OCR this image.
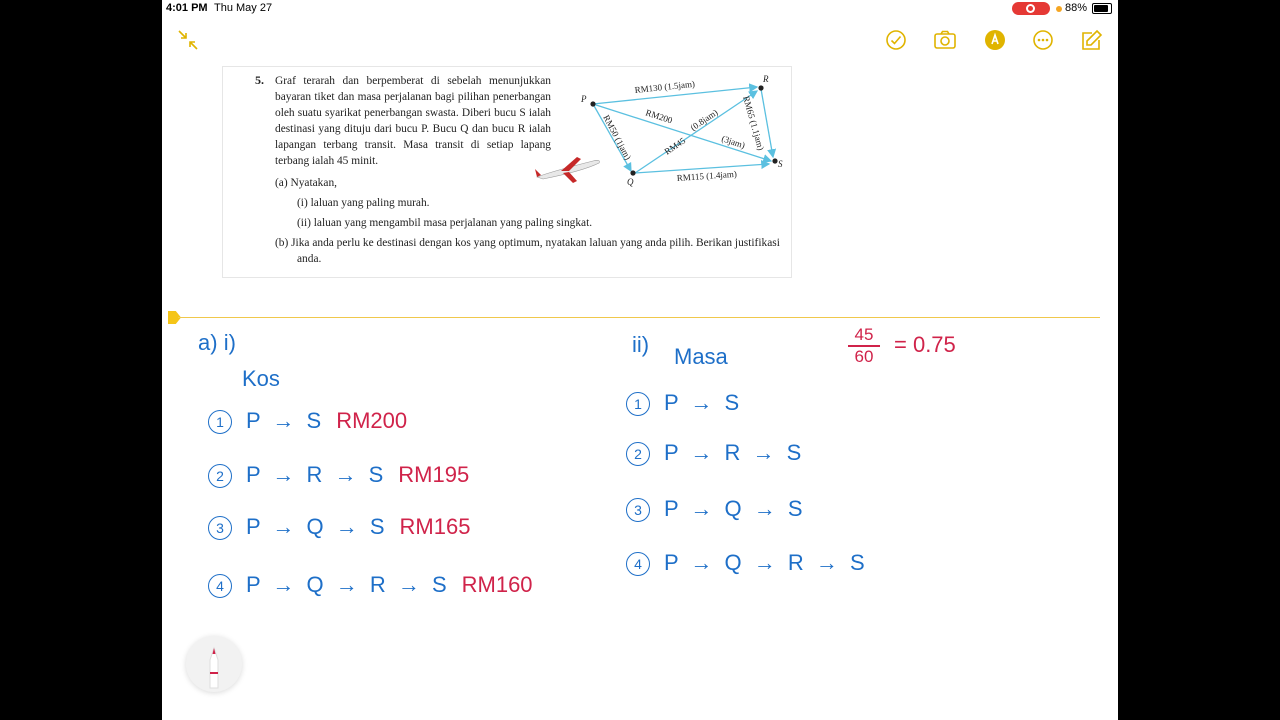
4:01 PM Thu May 27	88%
5. Graf terarah dan berpemberat di sebelah menunjukkan bayaran tiket dan masa perjalanan bagi pilihan penerbangan oleh suatu syarikat penerbangan swasta. Diberi bucu S ialah destinasi yang dituju dari bucu P. Bucu Q dan bucu R ialah lapangan terbang transit. Masa transit di setiap lapang terbang ialah 45 minit.
(a) Nyatakan,
(i) laluan yang paling murah.
(ii) laluan yang mengambil masa perjalanan yang paling singkat.
(b) Jika anda perlu ke destinasi dengan kos yang optimum, nyatakan laluan yang anda pilih. Berikan justifikasi anda.
P
Q
R
S
RM130 (1.5jam)
RM200
(3jam)
RM50 (1jam)	RM45
(0.8jam)
RM115 (1.4jam)
RM65 (1.1jam)
a) i)
Kos
1 P → S RM200
2 P → R → S RM195
3 P → Q → S RM165
4 P → Q → R → S RM160
ii) Masa
45
60 = 0.75
1 P → S
2 P → R → S
3 P → Q → S
4 P → Q → R → S
